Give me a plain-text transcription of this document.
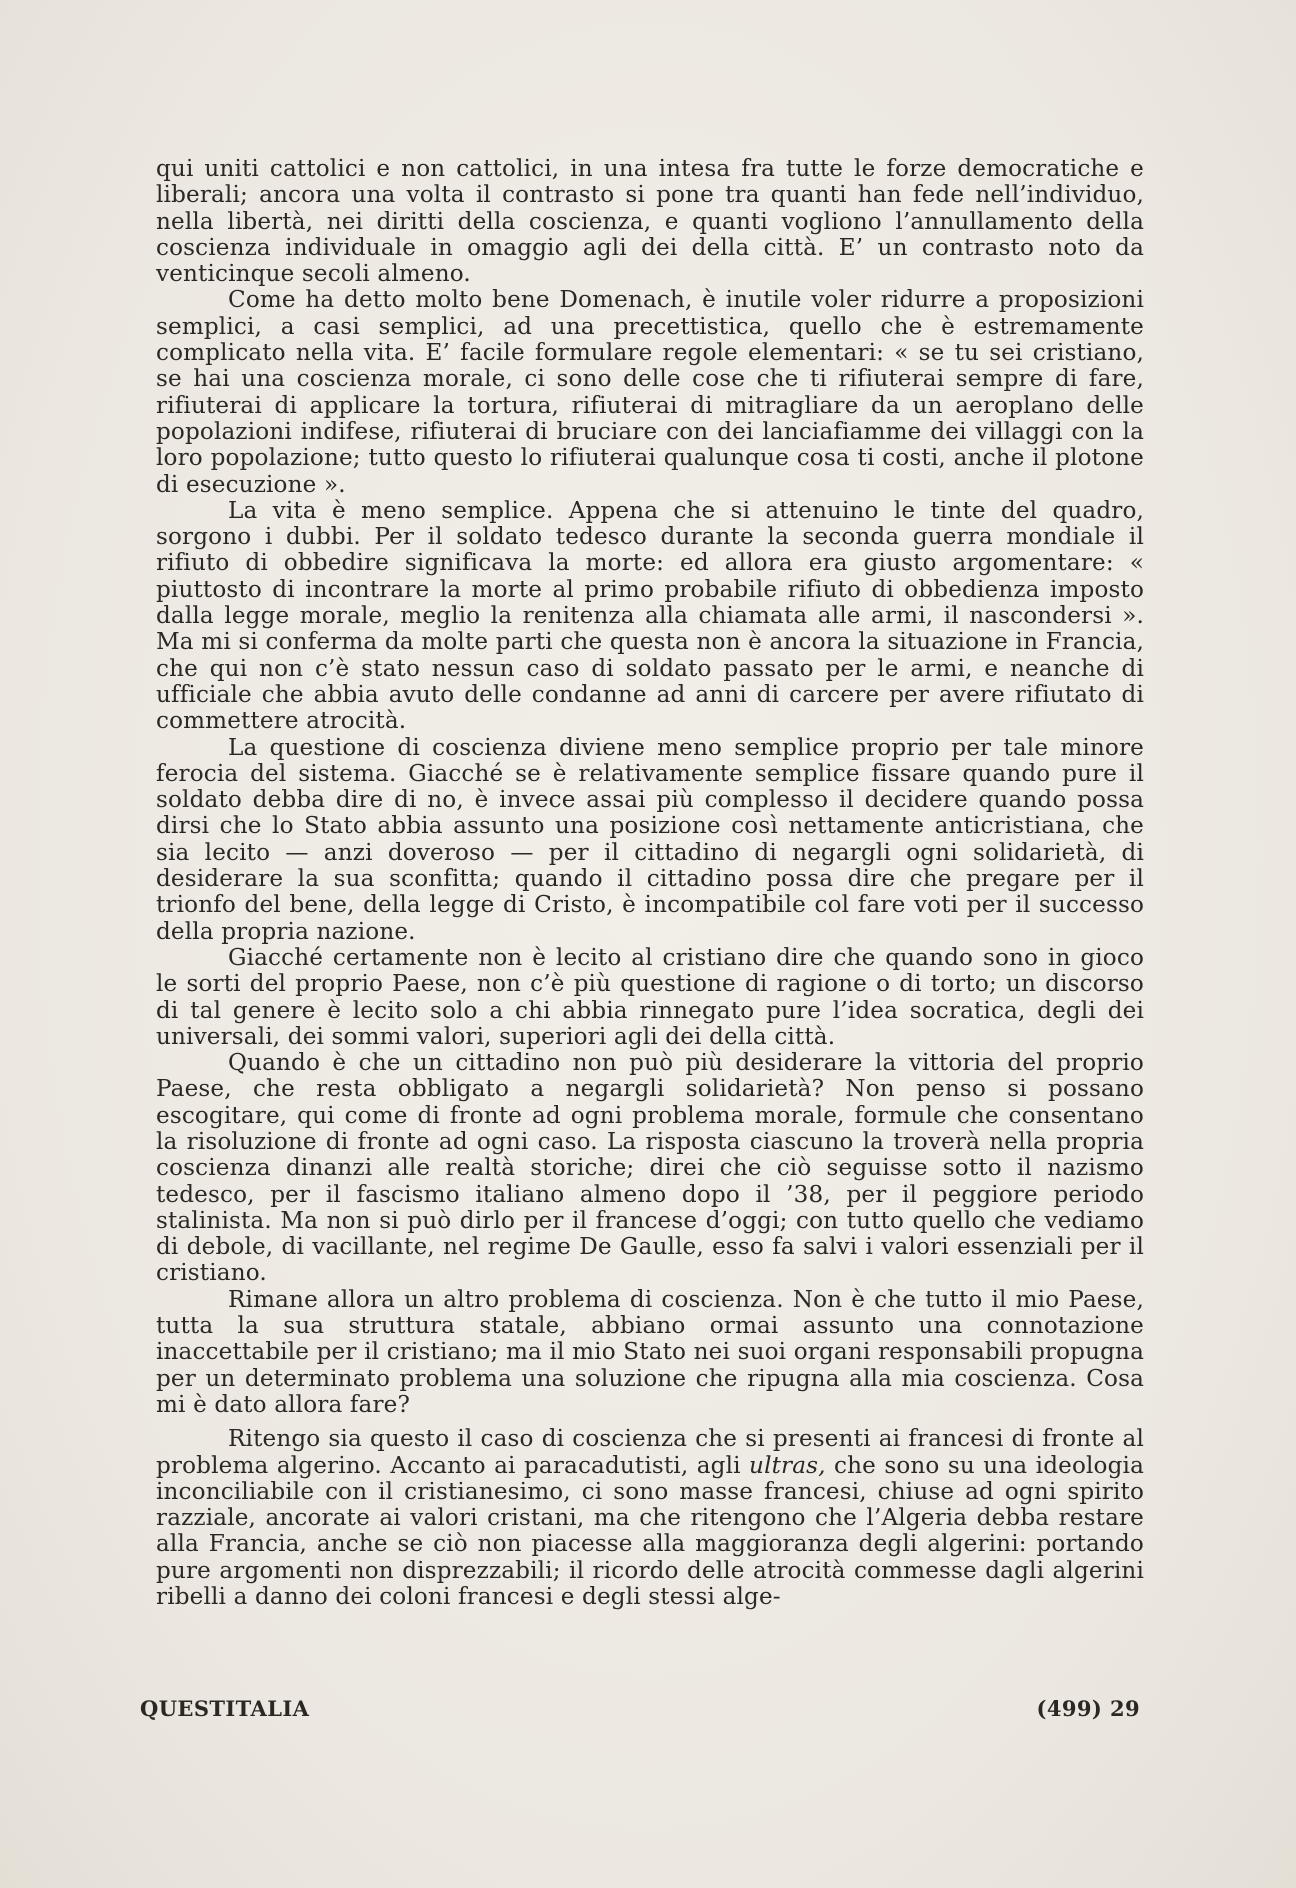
qui uniti cattolici e non cattolici, in una intesa fra tutte le forze democratiche e liberali; ancora una volta il contrasto si pone tra quanti han fede nell’individuo, nella libertà, nei diritti della coscienza, e quanti vogliono l’annullamento della coscienza individuale in omaggio agli dei della città. E’ un contrasto noto da venticinque secoli almeno.

Come ha detto molto bene Domenach, è inutile voler ridurre a proposizioni semplici, a casi semplici, ad una precettistica, quello che è estremamente complicato nella vita. E’ facile formulare regole elementari: « se tu sei cristiano, se hai una coscienza morale, ci sono delle cose che ti rifiuterai sempre di fare, rifiuterai di applicare la tortura, rifiuterai di mitragliare da un aeroplano delle popolazioni indifese, rifiuterai di bruciare con dei lanciafiamme dei villaggi con la loro popolazione; tutto questo lo rifiuterai qualunque cosa ti costi, anche il plotone di esecuzione ».

La vita è meno semplice. Appena che si attenuino le tinte del quadro, sorgono i dubbi. Per il soldato tedesco durante la seconda guerra mondiale il rifiuto di obbedire significava la morte: ed allora era giusto argomentare: « piuttosto di incontrare la morte al primo probabile rifiuto di obbedienza imposto dalla legge morale, meglio la renitenza alla chiamata alle armi, il nascondersi ». Ma mi si conferma da molte parti che questa non è ancora la situazione in Francia, che qui non c’è stato nessun caso di soldato passato per le armi, e neanche di ufficiale che abbia avuto delle condanne ad anni di carcere per avere rifiutato di commettere atrocità.

La questione di coscienza diviene meno semplice proprio per tale minore ferocia del sistema. Giacché se è relativamente semplice fissare quando pure il soldato debba dire di no, è invece assai più complesso il decidere quando possa dirsi che lo Stato abbia assunto una posizione così nettamente anticristiana, che sia lecito — anzi doveroso — per il cittadino di negargli ogni solidarietà, di desiderare la sua sconfitta; quando il cittadino possa dire che pregare per il trionfo del bene, della legge di Cristo, è incompatibile col fare voti per il successo della propria nazione.

Giacché certamente non è lecito al cristiano dire che quando sono in gioco le sorti del proprio Paese, non c’è più questione di ragione o di torto; un discorso di tal genere è lecito solo a chi abbia rinnegato pure l’idea socratica, degli dei universali, dei sommi valori, superiori agli dei della città.

Quando è che un cittadino non può più desiderare la vittoria del proprio Paese, che resta obbligato a negargli solidarietà? Non penso si possano escogitare, qui come di fronte ad ogni problema morale, formule che consentano la risoluzione di fronte ad ogni caso. La risposta ciascuno la troverà nella propria coscienza dinanzi alle realtà storiche; direi che ciò seguisse sotto il nazismo tedesco, per il fascismo italiano almeno dopo il ’38, per il peggiore periodo stalinista. Ma non si può dirlo per il francese d’oggi; con tutto quello che vediamo di debole, di vacillante, nel regime De Gaulle, esso fa salvi i valori essenziali per il cristiano.

Rimane allora un altro problema di coscienza. Non è che tutto il mio Paese, tutta la sua struttura statale, abbiano ormai assunto una connotazione inaccettabile per il cristiano; ma il mio Stato nei suoi organi responsabili propugna per un determinato problema una soluzione che ripugna alla mia coscienza. Cosa mi è dato allora fare?

Ritengo sia questo il caso di coscienza che si presenti ai francesi di fronte al problema algerino. Accanto ai paracadutisti, agli ultras, che sono su una ideologia inconciliabile con il cristianesimo, ci sono masse francesi, chiuse ad ogni spirito razziale, ancorate ai valori cristani, ma che ritengono che l’Algeria debba restare alla Francia, anche se ciò non piacesse alla maggioranza degli algerini: portando pure argomenti non disprezzabili; il ricordo delle atrocità commesse dagli algerini ribelli a danno dei coloni francesi e degli stessi alge-

QUESTITALIA	(499) 29
